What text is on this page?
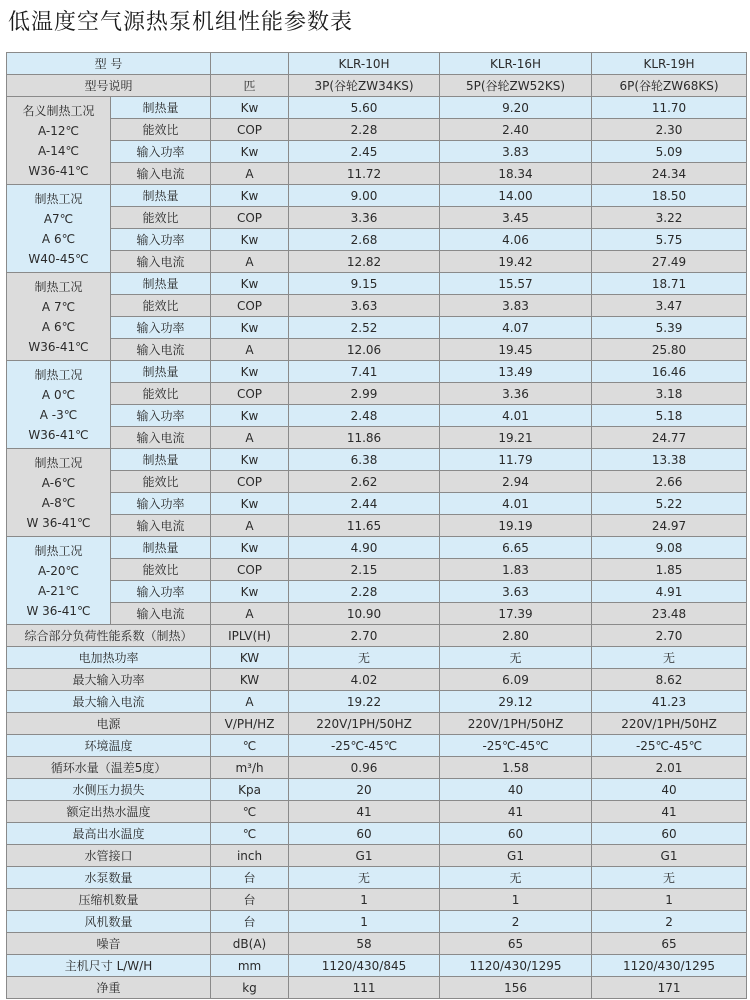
低温度空气源热泵机组性能参数表
型 号			KLR-10H	KLR-16H	KLR-19H
型号说明		匹	3P(谷轮ZW34KS)	5P(谷轮ZW52KS)	6P(谷轮ZW68KS)

名义制热工况
A-12℃
A-14℃
W36-41℃	制热量	Kw	5.60	9.20	11.70
	能效比	COP	2.28	2.40	2.30
	输入功率	Kw	2.45	3.83	5.09
	输入电流	A	11.72	18.34	24.34

制热工况
A7℃
A 6℃
W40-45℃	制热量	Kw	9.00	14.00	18.50
	能效比	COP	3.36	3.45	3.22
	输入功率	Kw	2.68	4.06	5.75
	输入电流	A	12.82	19.42	27.49

制热工况
A 7℃
A 6℃
W36-41℃	制热量	Kw	9.15	15.57	18.71
	能效比	COP	3.63	3.83	3.47
	输入功率	Kw	2.52	4.07	5.39
	输入电流	A	12.06	19.45	25.80

制热工况
A 0℃
A -3℃
W36-41℃	制热量	Kw	7.41	13.49	16.46
	能效比	COP	2.99	3.36	3.18
	输入功率	Kw	2.48	4.01	5.18
	输入电流	A	11.86	19.21	24.77

制热工况
A-6℃
A-8℃
W 36-41℃	制热量	Kw	6.38	11.79	13.38
	能效比	COP	2.62	2.94	2.66
	输入功率	Kw	2.44	4.01	5.22
	输入电流	A	11.65	19.19	24.97

制热工况
A-20℃
A-21℃
W 36-41℃	制热量	Kw	4.90	6.65	9.08
	能效比	COP	2.15	1.83	1.85
	输入功率	Kw	2.28	3.63	4.91
	输入电流	A	10.90	17.39	23.48
综合部分负荷性能系数（制热）		IPLV(H)	2.70	2.80	2.70
电加热功率		KW	无	无	无
最大输入功率		KW	4.02	6.09	8.62
最大输入电流		A	19.22	29.12	41.23
电源		V/PH/HZ	220V/1PH/50HZ	220V/1PH/50HZ	220V/1PH/50HZ
环境温度		℃	-25℃-45℃	-25℃-45℃	-25℃-45℃
循环水量（温差5度）		m³/h	0.96	1.58	2.01
水侧压力损失		Kpa	20	40	40
额定出热水温度		℃	41	41	41
最高出水温度		℃	60	60	60
水管接口		inch	G1	G1	G1
水泵数量		台	无	无	无
压缩机数量		台	1	1	1
风机数量		台	1	2	2
噪音		dB(A)	58	65	65
主机尺寸 L/W/H		mm	1120/430/845	1120/430/1295	1120/430/1295
净重		kg	111	156	171
